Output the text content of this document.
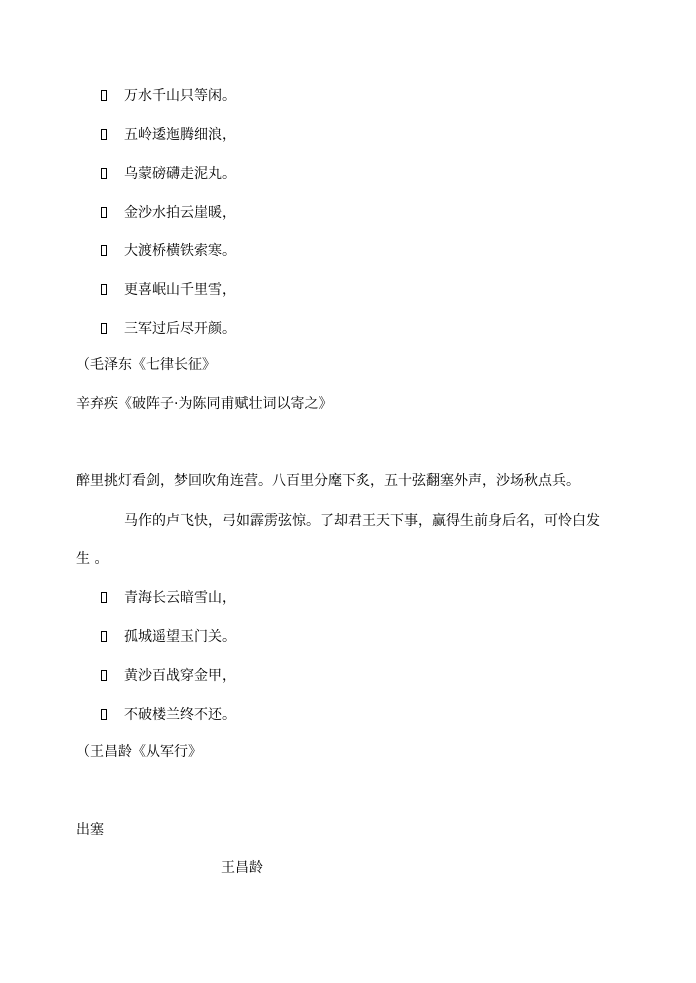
万水千山只等闲。
五岭逶迤腾细浪，
乌蒙磅礴走泥丸。
金沙水拍云崖暖，
大渡桥横铁索寒。
更喜岷山千里雪，
三军过后尽开颜。
（毛泽东《七律长征》
辛弃疾《破阵子·为陈同甫赋壮词以寄之》
醉里挑灯看剑，梦回吹角连营。八百里分麾下炙，五十弦翻塞外声，沙场秋点兵。
马作的卢飞快，弓如霹雳弦惊。了却君王天下事，赢得生前身后名，可怜白发
生 。
青海长云暗雪山，
孤城遥望玉门关。
黄沙百战穿金甲，
不破楼兰终不还。
（王昌龄《从军行》
出塞
王昌龄
